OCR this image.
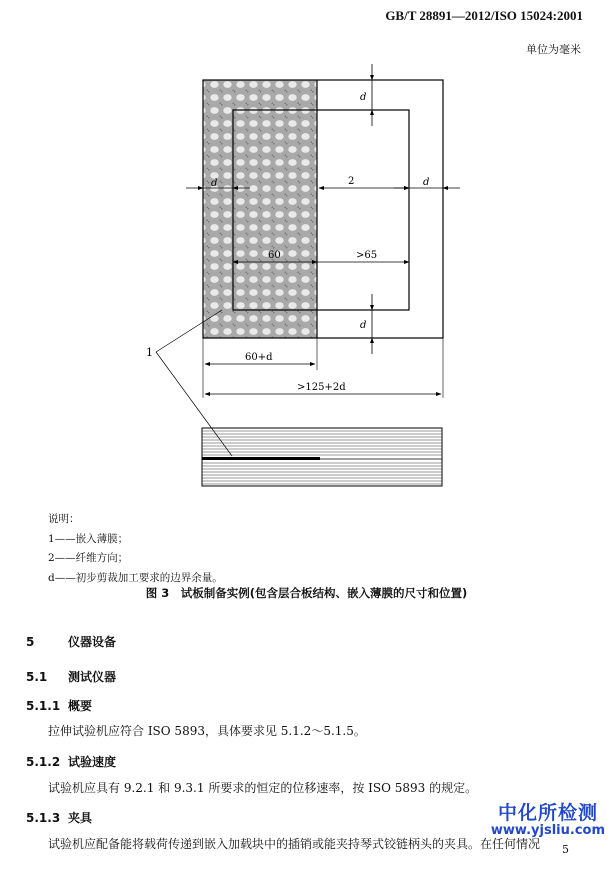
GB/T 28891—2012/ISO 15024:2001
单位为毫米
d
d	2	d
60	>65
d
60+d
>125+2d
1
说明：
1——嵌入薄膜；
2——纤维方向；
d——初步剪裁加工要求的边界余量。
图 3　试板制备实例(包含层合板结构、嵌入薄膜的尺寸和位置)
5	仪器设备
5.1 测试仪器
5.1.1 概要
拉伸试验机应符合 ISO 5893，具体要求见 5.1.2～5.1.5。
5.1.2 试验速度
试验机应具有 9.2.1 和 9.3.1 所要求的恒定的位移速率，按 ISO 5893 的规定。
5.1.3 夹具
试验机应配备能将载荷传递到嵌入加载块中的插销或能夹持琴式铰链柄头的夹具。在任何情况
中化所检测
www.yjsliu.com
5
